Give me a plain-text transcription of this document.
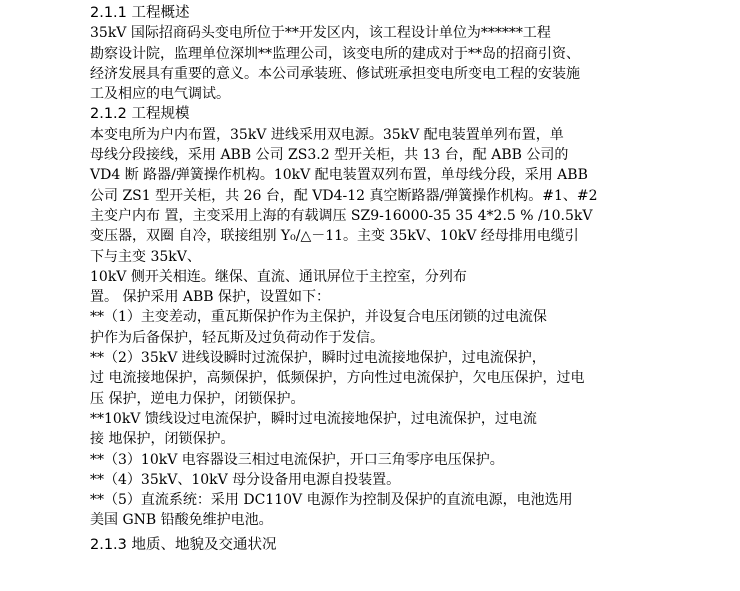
2.1.1 工程概述
35kV 国际招商码头变电所位于**开发区内，该工程设计单位为******工程
勘察设计院，监理单位深圳**监理公司，该变电所的建成对于**岛的招商引资、
经济发展具有重要的意义。本公司承装班、修试班承担变电所变电工程的安装施
工及相应的电气调试。
2.1.2 工程规模
本变电所为户内布置，35kV 进线采用双电源。35kV 配电装置单列布置，单
母线分段接线，采用 ABB 公司 ZS3.2 型开关柜，共 13 台，配 ABB 公司的
VD4 断 路器/弹簧操作机构。10kV 配电装置双列布置，单母线分段，采用 ABB
公司 ZS1 型开关柜，共 26 台，配 VD4-12 真空断路器/弹簧操作机构。#1、#2
主变户内布 置，主变采用上海的有载调压 SZ9-16000-35 35 4*2.5 % /10.5kV
变压器，双圈 自冷，联接组别 Y₀/△－11。主变 35kV、10kV 经母排用电缆引
下与主变 35kV、
10kV 侧开关相连。继保、直流、通讯屏位于主控室，分列布
置。 保护采用 ABB 保护，设置如下：
**（1）主变差动，重瓦斯保护作为主保护，并设复合电压闭锁的过电流保
护作为后备保护，轻瓦斯及过负荷动作于发信。
**（2）35kV 进线设瞬时过流保护，瞬时过电流接地保护，过电流保护，
过 电流接地保护，高频保护，低频保护，方向性过电流保护，欠电压保护，过电
压 保护，逆电力保护，闭锁保护。
**10kV 馈线设过电流保护，瞬时过电流接地保护，过电流保护，过电流
接 地保护，闭锁保护。
**（3）10kV 电容器设三相过电流保护，开口三角零序电压保护。
**（4）35kV、10kV 母分设备用电源自投装置。
**（5）直流系统：采用 DC110V 电源作为控制及保护的直流电源，电池选用
美国 GNB 铅酸免维护电池。
2.1.3 地质、地貌及交通状况
